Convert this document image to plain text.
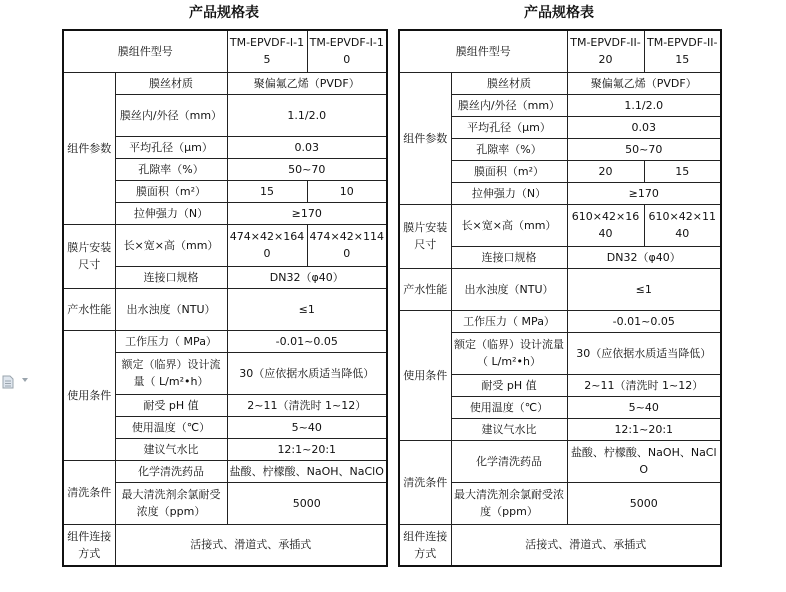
产品规格表
膜组件型号		TM-EPVDF-I-15	TM-EPVDF-I-10
组件参数	膜丝材质	聚偏氟乙烯（PVDF）	
	膜丝内/外径（mm）	1.1/2.0	
	平均孔径（μm）	0.03	
	孔隙率（%）	50~70	
	膜面积（m²）	15	10
	拉伸强力（N）	≥170	
膜片安装尺寸	长×宽×高（mm）	474×42×1640	474×42×1140
	连接口规格	DN32（φ40）	
产水性能	出水浊度（NTU）	≤1	
使用条件	工作压力（ MPa）	-0.01~0.05	
	额定（临界）设计流量（ L/m²•h）	30（应依据水质适当降低）	
	耐受 pH 值	2~11（清洗时 1~12）	
	使用温度（℃）	5~40	
	建议气水比	12:1~20:1	
清洗条件	化学清洗药品	盐酸、柠檬酸、NaOH、NaClO	
	最大清洗剂余氯耐受浓度（ppm）	5000	
组件连接方式	活接式、滑道式、承插式		
产品规格表
膜组件型号		TM-EPVDF-II-20	TM-EPVDF-II-15
组件参数	膜丝材质	聚偏氟乙烯（PVDF）	
	膜丝内/外径（mm）	1.1/2.0	
	平均孔径（μm）	0.03	
	孔隙率（%）	50~70	
	膜面积（m²）	20	15
	拉伸强力（N）	≥170	
膜片安装尺寸	长×宽×高（mm）	610×42×1640	610×42×1140
	连接口规格	DN32（φ40）	
产水性能	出水浊度（NTU）	≤1	
使用条件	工作压力（ MPa）	-0.01~0.05	
	额定（临界）设计流量（ L/m²•h）	30（应依据水质适当降低）	
	耐受 pH 值	2~11（清洗时 1~12）	
	使用温度（℃）	5~40	
	建议气水比	12:1~20:1	
清洗条件	化学清洗药品	盐酸、柠檬酸、NaOH、NaClO	
	最大清洗剂余氯耐受浓度（ppm）	5000	
组件连接方式	活接式、滑道式、承插式		
